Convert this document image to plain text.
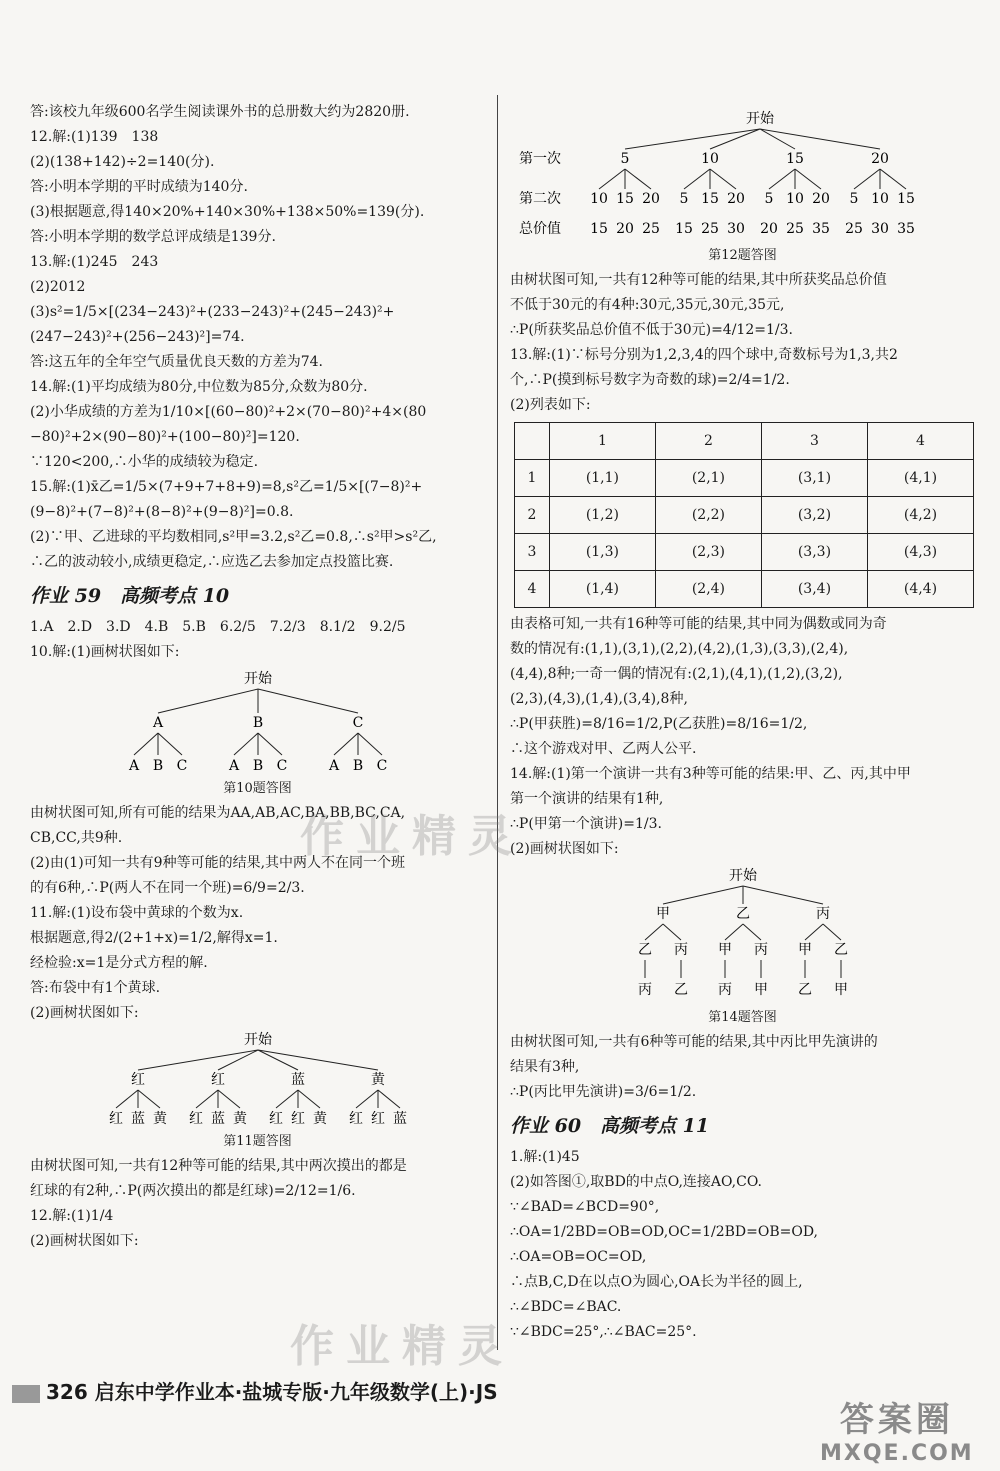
答:该校九年级600名学生阅读课外书的总册数大约为2820册.
12.解:(1)139　138
(2)(138+142)÷2=140(分).
答:小明本学期的平时成绩为140分.
(3)根据题意,得140×20%+140×30%+138×50%=139(分).
答:小明本学期的数学总评成绩是139分.
13.解:(1)245　243
(2)2012
(3)s²=1/5×[(234−243)²+(233−243)²+(245−243)²+
(247−243)²+(256−243)²]=74.
答:这五年的全年空气质量优良天数的方差为74.
14.解:(1)平均成绩为80分,中位数为85分,众数为80分.
(2)小华成绩的方差为1/10×[(60−80)²+2×(70−80)²+4×(80
−80)²+2×(90−80)²+(100−80)²]=120.
∵120<200,∴小华的成绩较为稳定.
15.解:(1)x̄乙=1/5×(7+9+7+8+9)=8,s²乙=1/5×[(7−8)²+
(9−8)²+(7−8)²+(8−8)²+(9−8)²]=0.8.
(2)∵甲、乙进球的平均数相同,s²甲=3.2,s²乙=0.8,∴s²甲>s²乙,
∴乙的波动较小,成绩更稳定,∴应选乙去参加定点投篮比赛.
作业 59　高频考点 10
1.A　2.D　3.D　4.B　5.B　6.2/5　7.2/3　8.1/2　9.2/5
10.解:(1)画树状图如下:
开始
A
A B C
B
A B C
C
A B C
第10题答图
由树状图可知,所有可能的结果为AA,AB,AC,BA,BB,BC,CA,
CB,CC,共9种.
(2)由(1)可知一共有9种等可能的结果,其中两人不在同一个班
的有6种,∴P(两人不在同一个班)=6/9=2/3.
11.解:(1)设布袋中黄球的个数为x.
根据题意,得2/(2+1+x)=1/2,解得x=1.
经检验:x=1是分式方程的解.
答:布袋中有1个黄球.
(2)画树状图如下:
开始
红
红 蓝 黄
红
红 蓝 黄
蓝
红 红 黄
黄
红 红 蓝
第11题答图
由树状图可知,一共有12种等可能的结果,其中两次摸出的都是
红球的有2种,∴P(两次摸出的都是红球)=2/12=1/6.
12.解:(1)1/4
(2)画树状图如下:
开始
第一次
第二次
总价值
5
10
15
15
20
20
25
10
5
15
15
25
20
30
15
5
20
10
25
20
35
20
5
25
10
30
15
35
第12题答图
由树状图可知,一共有12种等可能的结果,其中所获奖品总价值
不低于30元的有4种:30元,35元,30元,35元,
∴P(所获奖品总价值不低于30元)=4/12=1/3.
13.解:(1)∵标号分别为1,2,3,4的四个球中,奇数标号为1,3,共2
个,∴P(摸到标号数字为奇数的球)=2/4=1/2.
(2)列表如下:
	1	2	3	4
1	(1,1)	(2,1)	(3,1)	(4,1)
2	(1,2)	(2,2)	(3,2)	(4,2)
3	(1,3)	(2,3)	(3,3)	(4,3)
4	(1,4)	(2,4)	(3,4)	(4,4)
由表格可知,一共有16种等可能的结果,其中同为偶数或同为奇
数的情况有:(1,1),(3,1),(2,2),(4,2),(1,3),(3,3),(2,4),
(4,4),8种;一奇一偶的情况有:(2,1),(4,1),(1,2),(3,2),
(2,3),(4,3),(1,4),(3,4),8种,
∴P(甲获胜)=8/16=1/2,P(乙获胜)=8/16=1/2,
∴这个游戏对甲、乙两人公平.
14.解:(1)第一个演讲一共有3种等可能的结果:甲、乙、丙,其中甲
第一个演讲的结果有1种,
∴P(甲第一个演讲)=1/3.
(2)画树状图如下:
开始
甲
乙
丙
丙
乙
乙
甲
丙
丙
甲
丙
甲
乙
乙
甲
第14题答图
由树状图可知,一共有6种等可能的结果,其中丙比甲先演讲的
结果有3种,
∴P(丙比甲先演讲)=3/6=1/2.
作业 60　高频考点 11
1.解:(1)45
(2)如答图①,取BD的中点O,连接AO,CO.
∵∠BAD=∠BCD=90°,
∴OA=1/2BD=OB=OD,OC=1/2BD=OB=OD,
∴OA=OB=OC=OD,
∴点B,C,D在以点O为圆心,OA长为半径的圆上,
∴∠BDC=∠BAC.
∵∠BDC=25°,∴∠BAC=25°.
作业精灵
作业精灵
326 启东中学作业本·盐城专版·九年级数学(上)·JS
答案圈
MXQE.COM
